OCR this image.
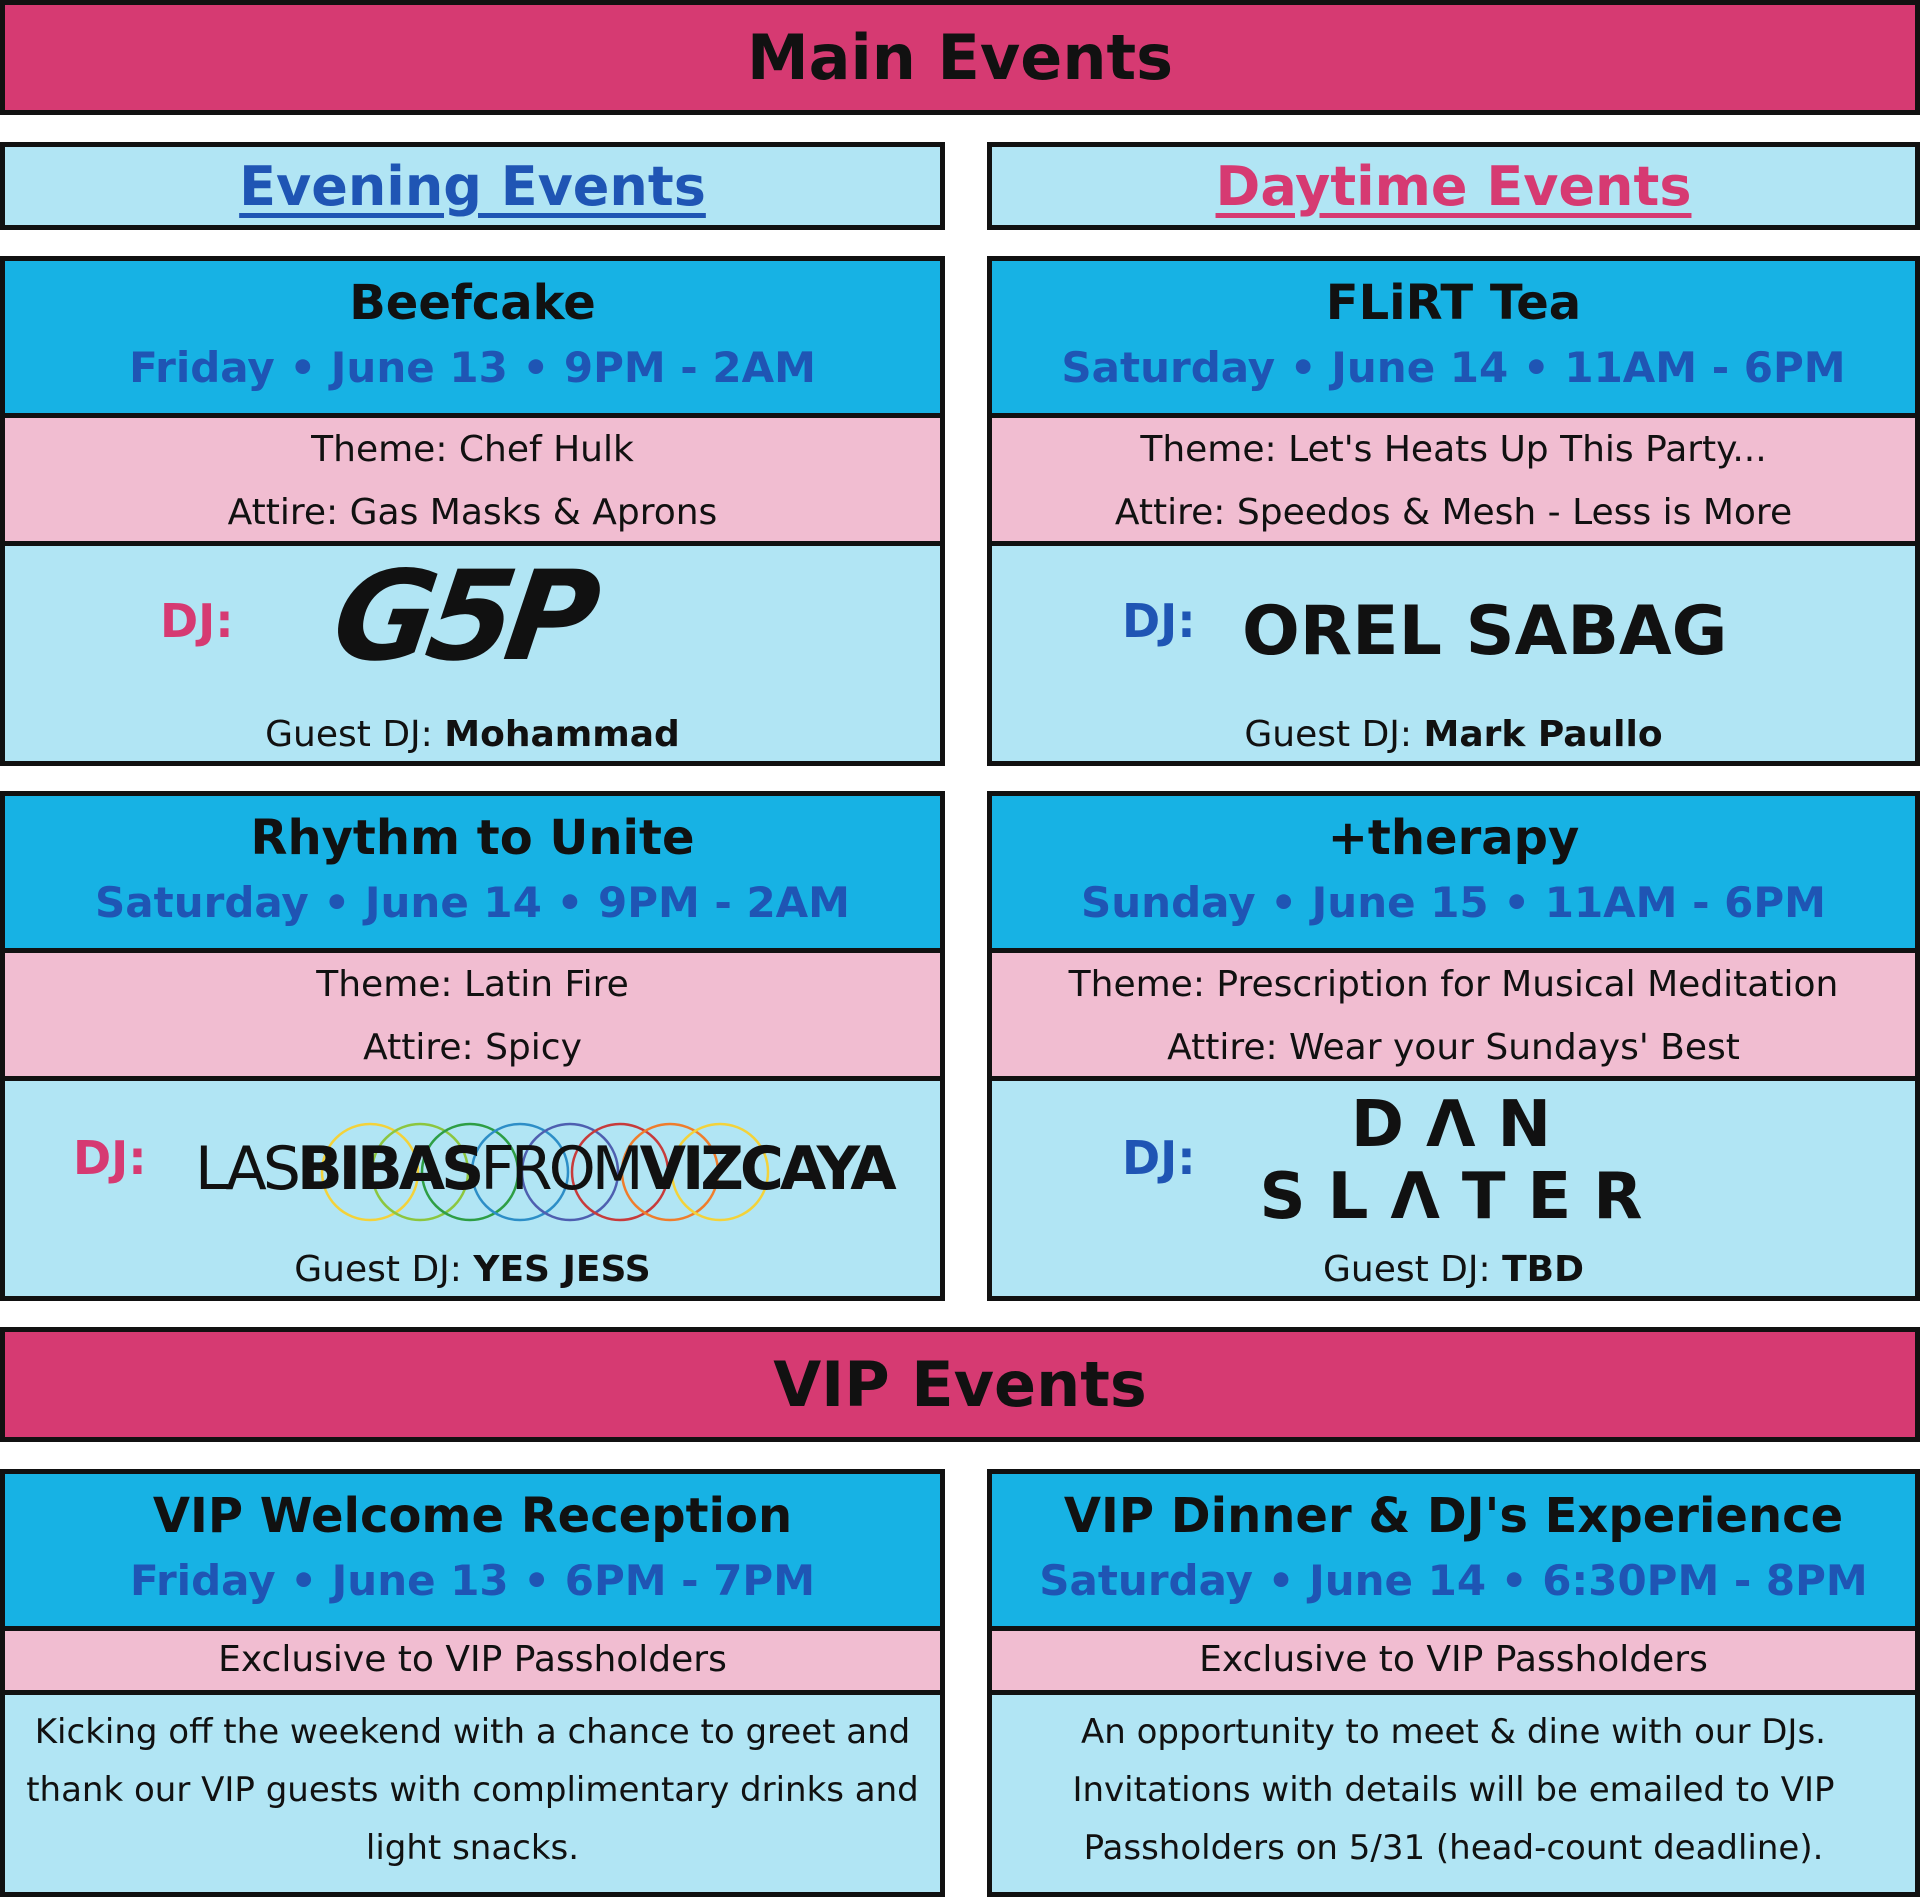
Main Events
Evening Events	Daytime Events
Beefcake
Friday • June 13 • 9PM - 2AM
Theme: Chef Hulk
Attire: Gas Masks & Aprons
DJ: G5P
Guest DJ: Mohammad
FLiRT Tea
Saturday • June 14 • 11AM - 6PM
Theme: Let's Heats Up This Party...
Attire: Speedos & Mesh - Less is More
DJ: OREL SABAG
Guest DJ: Mark Paullo
Rhythm to Unite
Saturday • June 14 • 9PM - 2AM
Theme: Latin Fire
Attire: Spicy
DJ: LASBIBASFROMVIZCAYA
Guest DJ: YES JESS
+therapy
Sunday • June 15 • 11AM - 6PM
Theme: Prescription for Musical Meditation
Attire: Wear your Sundays' Best
DJ:	DΛN
SLΛTER
Guest DJ: TBD
VIP Events
VIP Welcome Reception
Friday • June 13 • 6PM - 7PM
Exclusive to VIP Passholders
Kicking off the weekend with a chance to greet and thank our VIP guests with complimentary drinks and light snacks.
VIP Dinner & DJ's Experience
Saturday • June 14 • 6:30PM - 8PM
Exclusive to VIP Passholders
An opportunity to meet & dine with our DJs. Invitations with details will be emailed to VIP Passholders on 5/31 (head-count deadline).
